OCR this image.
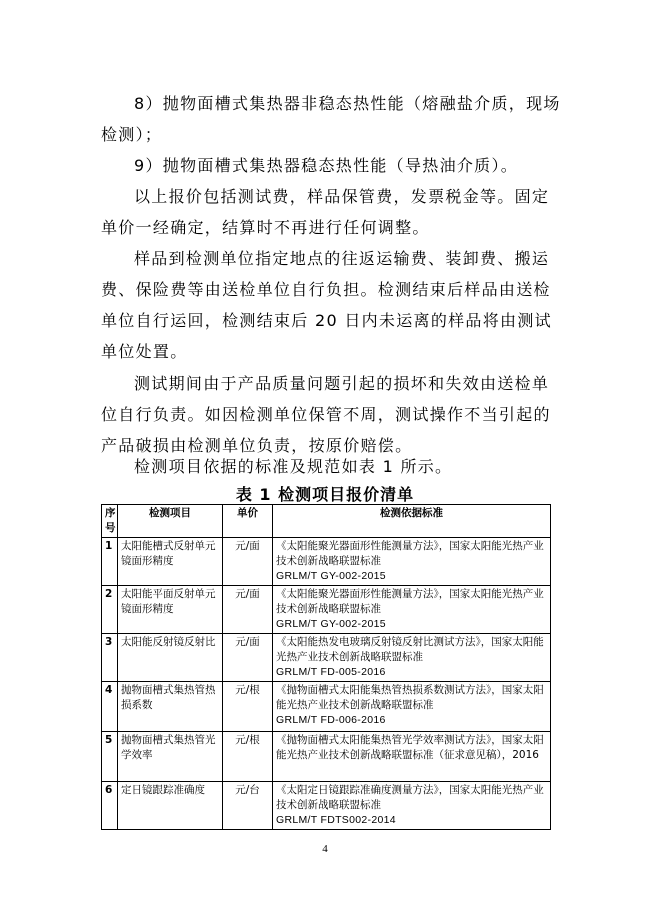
8）抛物面槽式集热器非稳态热性能（熔融盐介质，现场检测）；

9）抛物面槽式集热器稳态热性能（导热油介质）。

以上报价包括测试费，样品保管费，发票税金等。固定单价一经确定，结算时不再进行任何调整。

样品到检测单位指定地点的往返运输费、装卸费、搬运费、保险费等由送检单位自行负担。检测结束后样品由送检单位自行运回，检测结束后 20 日内未运离的样品将由测试单位处置。

测试期间由于产品质量问题引起的损坏和失效由送检单位自行负责。如因检测单位保管不周，测试操作不当引起的产品破损由检测单位负责，按原价赔偿。

检测项目依据的标准及规范如表 1 所示。

表 1 检测项目报价清单
序号	检测项目	单价	检测依据标准
1	太阳能槽式反射单元镜面形精度	元/面	《太阳能聚光器面形性能测量方法》，国家太阳能光热产业技术创新战略联盟标准
GRLM/T GY-002-2015

2	太阳能平面反射单元镜面形精度	元/面	《太阳能聚光器面形性能测量方法》，国家太阳能光热产业技术创新战略联盟标准
GRLM/T GY-002-2015

3	太阳能反射镜反射比	元/面	《太阳能热发电玻璃反射镜反射比测试方法》，国家太阳能光热产业技术创新战略联盟标准
GRLM/T FD-005-2016

4	抛物面槽式集热管热损系数	元/根	《抛物面槽式太阳能集热管热损系数测试方法》，国家太阳能光热产业技术创新战略联盟标准
GRLM/T FD-006-2016

5	抛物面槽式集热管光学效率	元/根	《抛物面槽式太阳能集热管光学效率测试方法》，国家太阳能光热产业技术创新战略联盟标准（征求意见稿），2016

6	定日镜跟踪准确度	元/台	《太阳定日镜跟踪准确度测量方法》，国家太阳能光热产业技术创新战略联盟标准
GRLM/T FDTS002-2014
4
